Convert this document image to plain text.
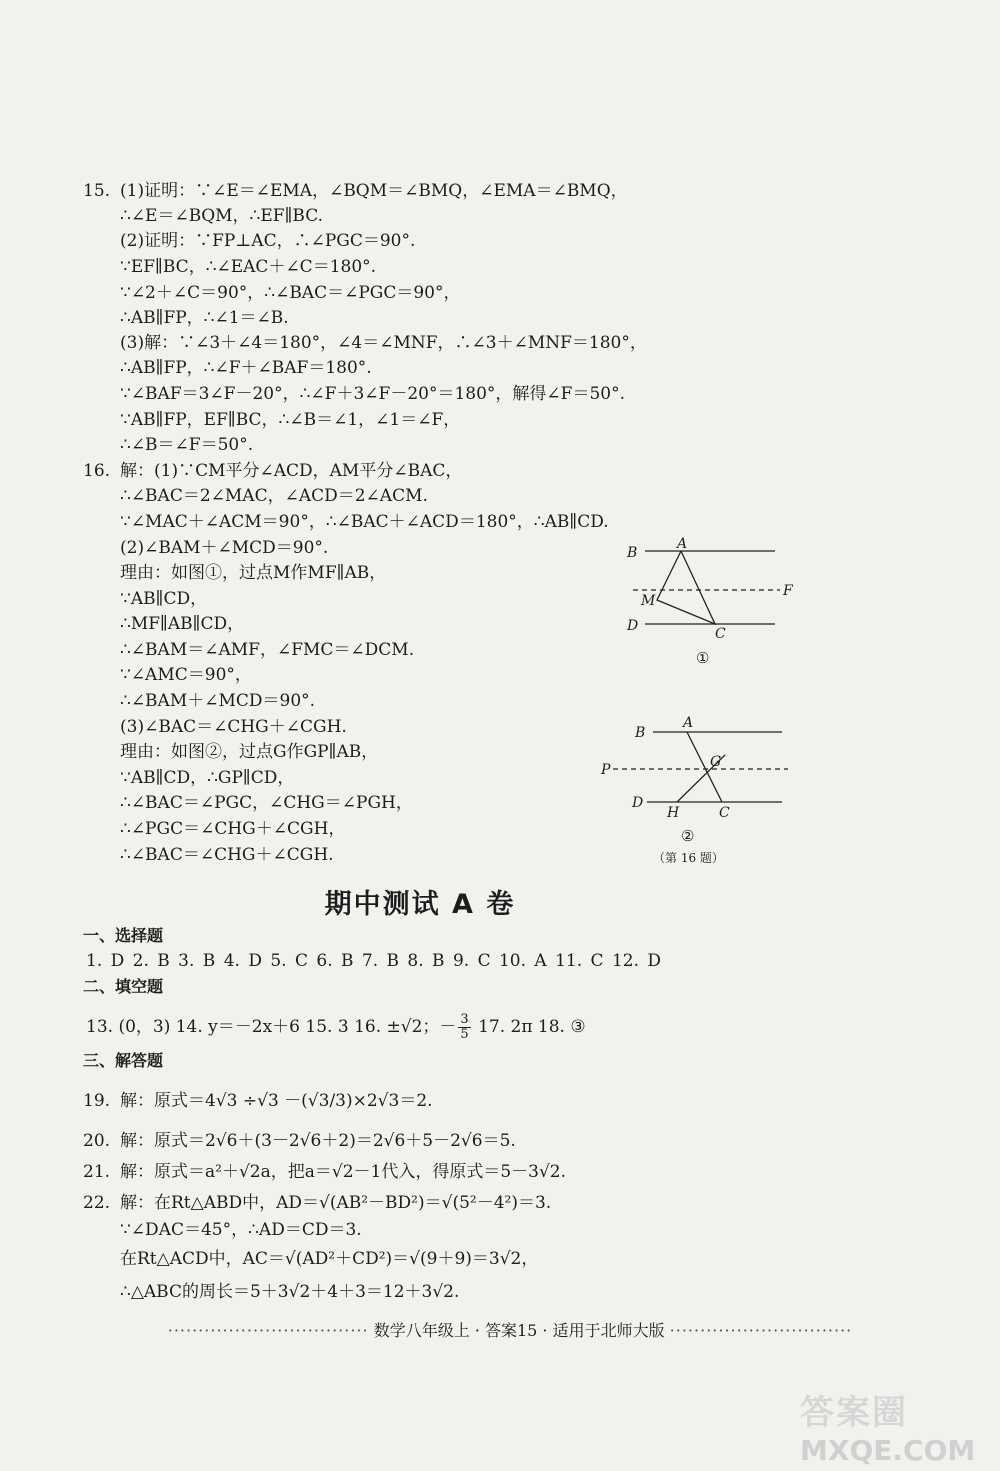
15. (1)证明：∵∠E＝∠EMA，∠BQM＝∠BMQ，∠EMA＝∠BMQ，
∴∠E＝∠BQM，∴EF∥BC.
(2)证明：∵FP⊥AC，∴∠PGC＝90°.
∵EF∥BC，∴∠EAC＋∠C＝180°.
∵∠2＋∠C＝90°，∴∠BAC＝∠PGC＝90°，
∴AB∥FP，∴∠1＝∠B.
(3)解：∵∠3＋∠4＝180°，∠4＝∠MNF，∴∠3＋∠MNF＝180°，
∴AB∥FP，∴∠F＋∠BAF＝180°.
∵∠BAF＝3∠F－20°，∴∠F＋3∠F－20°＝180°，解得∠F＝50°.
∵AB∥FP，EF∥BC，∴∠B＝∠1，∠1＝∠F，
∴∠B＝∠F＝50°.
16. 解：(1)∵CM平分∠ACD，AM平分∠BAC，
∴∠BAC＝2∠MAC，∠ACD＝2∠ACM.
∵∠MAC＋∠ACM＝90°，∴∠BAC＋∠ACD＝180°，∴AB∥CD.
(2)∠BAM＋∠MCD＝90°.
理由：如图①，过点M作MF∥AB，
∵AB∥CD，
∴MF∥AB∥CD，
∴∠BAM＝∠AMF，∠FMC＝∠DCM.
∵∠AMC＝90°，
∴∠BAM＋∠MCD＝90°.
(3)∠BAC＝∠CHG＋∠CGH.
理由：如图②，过点G作GP∥AB，
∵AB∥CD，∴GP∥CD，
∴∠BAC＝∠PGC，∠CHG＝∠PGH，
∴∠PGC＝∠CHG＋∠CGH，
∴∠BAC＝∠CHG＋∠CGH.
B
A
F
M
D	C
①
A
B
G
P
D
H	C
②
（第 16 题）
期中测试 A 卷
一、选择题
1. D 2. B 3. B 4. D 5. C 6. B 7. B 8. B 9. C 10. A 11. C 12. D
二、填空题
13. (0，3) 14. y＝－2x＋6 15. 3 16. ±√2；－ $\frac{3}{5} 17$. 2π 18. ③
三、解答题
19. 解：原式＝4√3 ÷√3 －(√3/3)×2√3＝2.
20. 解：原式＝2√6＋(3－2√6＋2)＝2√6＋5－2√6＝5.
21. 解：原式＝a²＋√2a，把a＝√2－1代入，得原式＝5－3√2.
22. 解：在Rt△ABD中，AD＝√(AB²－BD²)＝√(5²－4²)＝3.
∵∠DAC＝45°，∴AD＝CD＝3.
在Rt△ACD中，AC＝√(AD²＋CD²)＝√(9＋9)＝3√2，
∴△ABC的周长＝5＋3√2＋4＋3＝12＋3√2.
································· 数学八年级上 · 答案15 · 适用于北师大版 ······························
答案圈
MXQE.COM
